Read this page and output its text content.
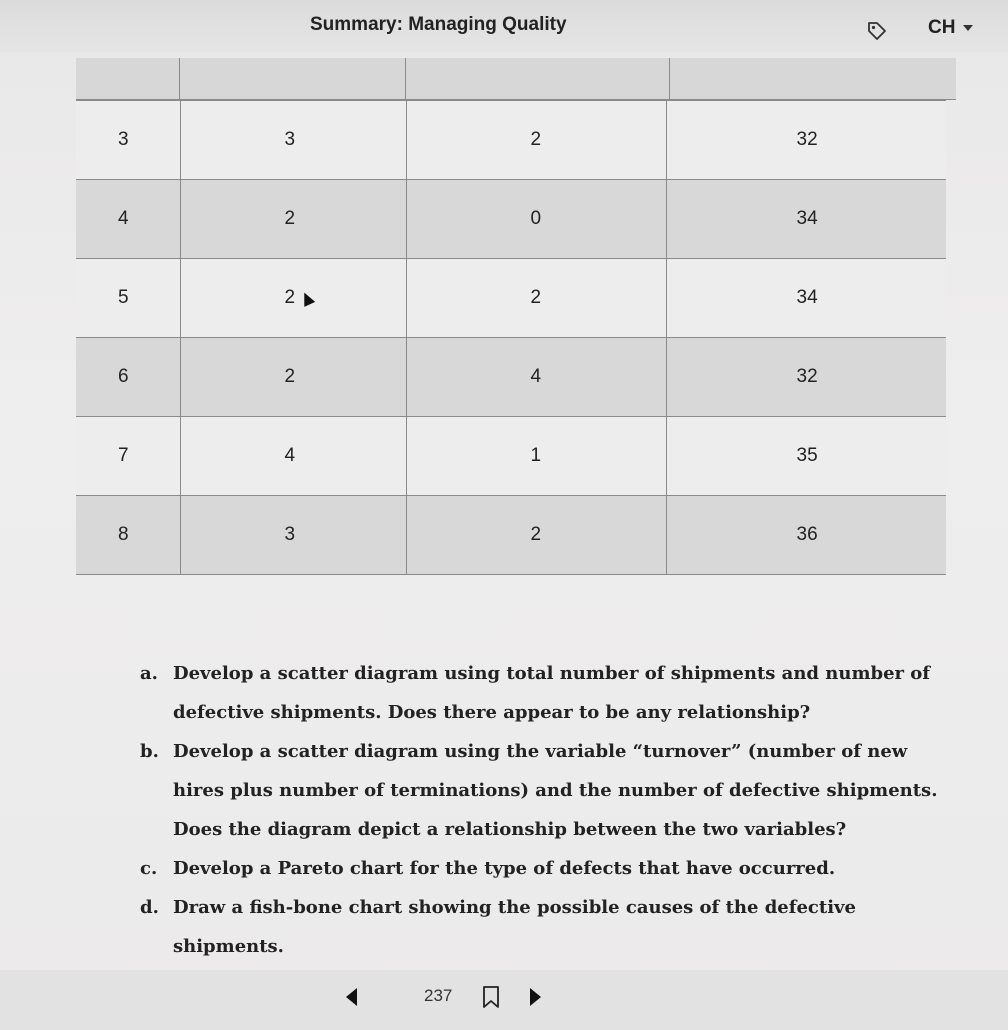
Summary: Managing Quality	CH
3	3	2	32
4	2	0	34
5	2	2	34
6	2	4	32
7	4	1	35
8	3	2	36
a. Develop a scatter diagram using total number of shipments and number of defective shipments. Does there appear to be any relationship?
b. Develop a scatter diagram using the variable “turnover” (number of new hires plus number of terminations) and the number of defective shipments. Does the diagram depict a relationship between the two variables?
c. Develop a Pareto chart for the type of defects that have occurred.
d. Draw a fish-bone chart showing the possible causes of the defective shipments.
237
